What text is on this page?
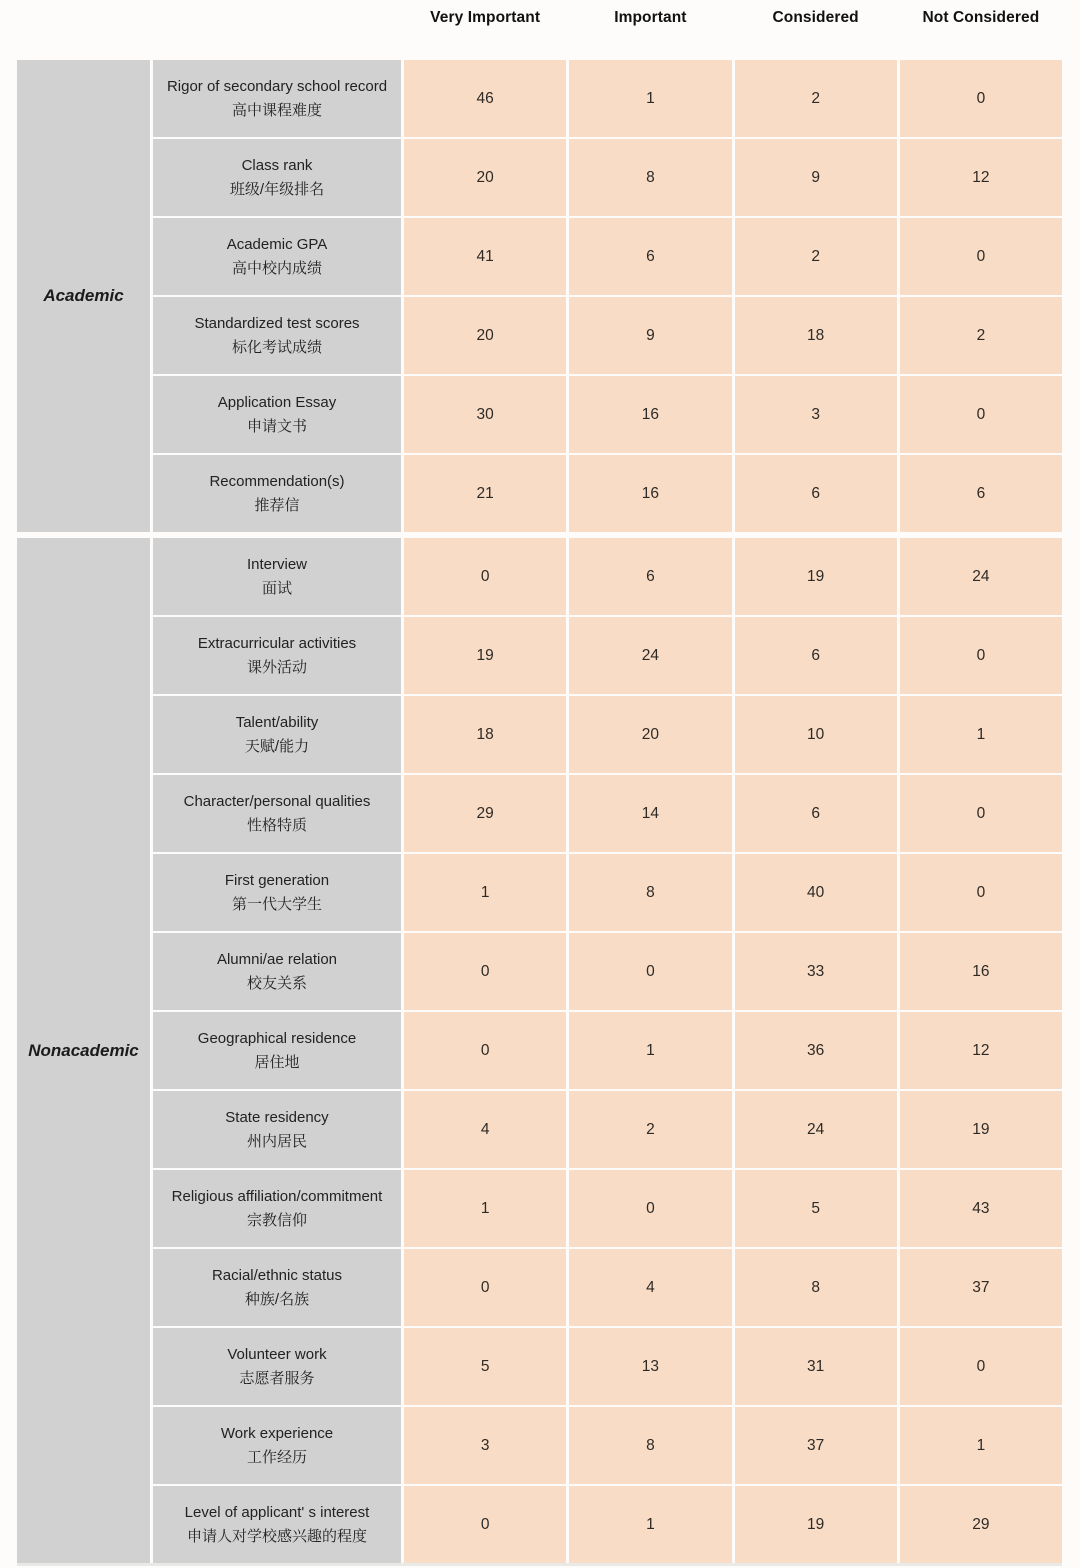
Very Important	Important	Considered	Not Considered
Academic
Rigor of secondary school record
高中课程难度
46	1	2	0
Class rank
班级/年级排名
20	8	9	12
Academic GPA
高中校内成绩
41	6	2	0
Standardized test scores
标化考试成绩
20	9	18	2
Application Essay
申请文书
30	16	3	0
Recommendation(s)
推荐信
21	16	6	6
Nonacademic
Interview
面试
0	6	19	24
Extracurricular activities
课外活动
19	24	6	0
Talent/ability
天赋/能力
18	20	10	1
Character/personal qualities
性格特质
29	14	6	0
First generation
第一代大学生
1	8	40	0
Alumni/ae relation
校友关系
0	0	33	16
Geographical residence
居住地
0	1	36	12
State residency
州内居民
4	2	24	19
Religious affiliation/commitment
宗教信仰
1	0	5	43
Racial/ethnic status
种族/名族
0	4	8	37
Volunteer work
志愿者服务
5	13	31	0
Work experience
工作经历
3	8	37	1
Level of applicant' s interest
申请人对学校感兴趣的程度
0	1	19	29
